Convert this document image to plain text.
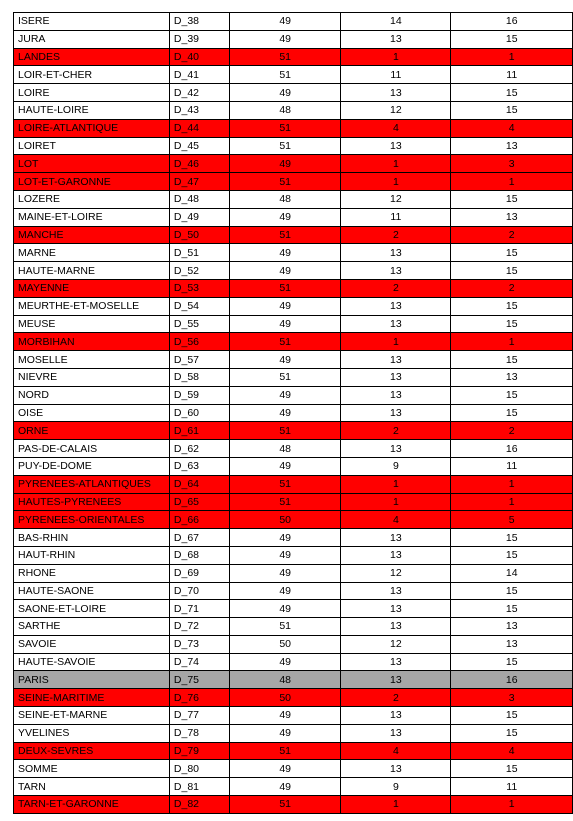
ISERE	D_38	49	14	16
JURA	D_39	49	13	15
LANDES	D_40	51	1	1
LOIR-ET-CHER	D_41	51	11	11
LOIRE	D_42	49	13	15
HAUTE-LOIRE	D_43	48	12	15
LOIRE-ATLANTIQUE	D_44	51	4	4
LOIRET	D_45	51	13	13
LOT	D_46	49	1	3
LOT-ET-GARONNE	D_47	51	1	1
LOZERE	D_48	48	12	15
MAINE-ET-LOIRE	D_49	49	11	13
MANCHE	D_50	51	2	2
MARNE	D_51	49	13	15
HAUTE-MARNE	D_52	49	13	15
MAYENNE	D_53	51	2	2
MEURTHE-ET-MOSELLE	D_54	49	13	15
MEUSE	D_55	49	13	15
MORBIHAN	D_56	51	1	1
MOSELLE	D_57	49	13	15
NIEVRE	D_58	51	13	13
NORD	D_59	49	13	15
OISE	D_60	49	13	15
ORNE	D_61	51	2	2
PAS-DE-CALAIS	D_62	48	13	16
PUY-DE-DOME	D_63	49	9	11
PYRENEES-ATLANTIQUES	D_64	51	1	1
HAUTES-PYRENEES	D_65	51	1	1
PYRENEES-ORIENTALES	D_66	50	4	5
BAS-RHIN	D_67	49	13	15
HAUT-RHIN	D_68	49	13	15
RHONE	D_69	49	12	14
HAUTE-SAONE	D_70	49	13	15
SAONE-ET-LOIRE	D_71	49	13	15
SARTHE	D_72	51	13	13
SAVOIE	D_73	50	12	13
HAUTE-SAVOIE	D_74	49	13	15
PARIS	D_75	48	13	16
SEINE-MARITIME	D_76	50	2	3
SEINE-ET-MARNE	D_77	49	13	15
YVELINES	D_78	49	13	15
DEUX-SEVRES	D_79	51	4	4
SOMME	D_80	49	13	15
TARN	D_81	49	9	11
TARN-ET-GARONNE	D_82	51	1	1
